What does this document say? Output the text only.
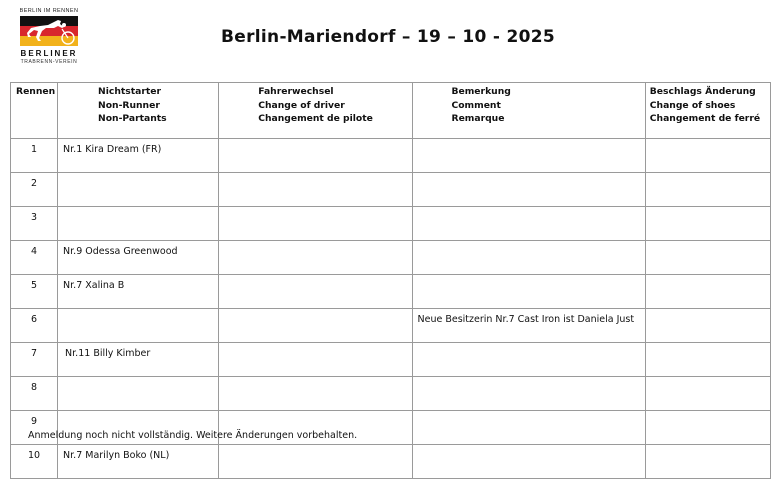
BERLIN IM RENNEN
BERLINER
TRABRENN-VEREIN
Berlin-Mariendorf – 19 – 10 - 2025
Rennen	Nichtstarter
Non-Runner
Non-Partants	Fahrerwechsel
Change of driver
Changement de pilote	Bemerkung
Comment
Remarque	Beschlags Änderung
Change of shoes
Changement de ferré

1	Nr.1 Kira Dream (FR)			
2				
3				
4	Nr.9 Odessa Greenwood			
5	Nr.7 Xalina B			
6			Neue Besitzerin Nr.7 Cast Iron ist Daniela Just	
7	Nr.11 Billy Kimber			
8				
9				
10	Nr.7 Marilyn Boko (NL)			
Anmeldung noch nicht vollständig. Weitere Änderungen vorbehalten.
